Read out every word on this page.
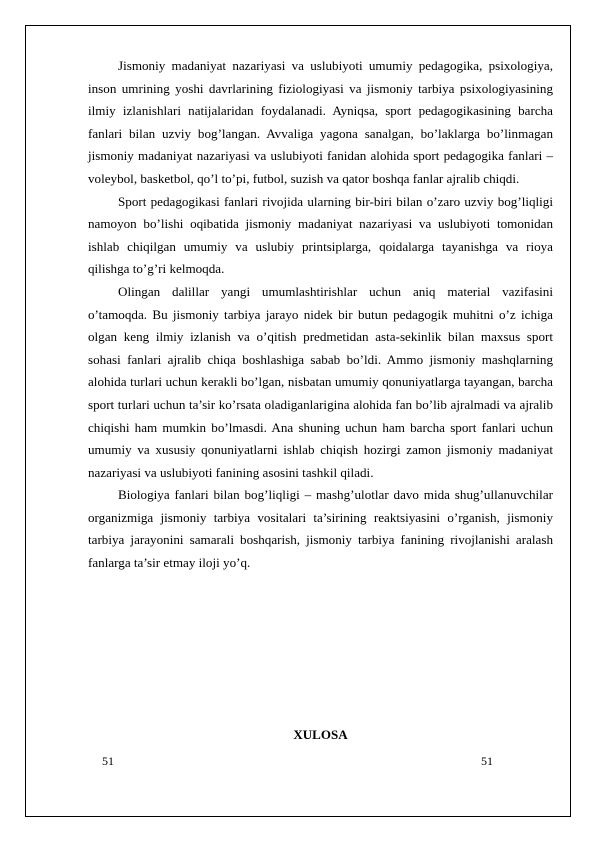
Jismoniy madaniyat nazariyasi va uslubiyoti umumiy pedagogika, psixologiya, inson umrining yoshi davrlarining fiziologiyasi va jismoniy tarbiya psixologiyasining ilmiy izlanishlari natijalaridan foydalanadi. Ayniqsa, sport pedagogikasining barcha fanlari bilan uzviy bog’langan. Avvaliga yagona sanalgan, bo’laklarga bo’linmagan jismoniy madaniyat nazariyasi va uslubiyoti fanidan alohida sport pedagogika fanlari – voleybol, basketbol, qo’l to’pi, futbol, suzish va qator boshqa fanlar ajralib chiqdi.

Sport pedagogikasi fanlari rivojida ularning bir-biri bilan o’zaro uzviy bog’liqligi namoyon bo’lishi oqibatida jismoniy madaniyat nazariyasi va uslubiyoti tomonidan ishlab chiqilgan umumiy va uslubiy printsiplarga, qoidalarga tayanishga va rioya qilishga to’g’ri kelmoqda.

Olingan dalillar yangi umumlashtirishlar uchun aniq material vazifasini o’tamoqda. Bu jismoniy tarbiya jarayo nidek bir butun pedagogik muhitni o’z ichiga olgan keng ilmiy izlanish va o’qitish predmetidan asta-sekinlik bilan maxsus sport sohasi fanlari ajralib chiqa boshlashiga sabab bo’ldi. Ammo jismoniy mashqlarning alohida turlari uchun kerakli bo’lgan, nisbatan umumiy qonuniyatlarga tayangan, barcha sport turlari uchun ta’sir ko’rsata oladiganlarigina alohida fan bo’lib ajralmadi va ajralib chiqishi ham mumkin bo’lmasdi. Ana shuning uchun ham barcha sport fanlari uchun umumiy va xususiy qonuniyatlarni ishlab chiqish hozirgi zamon jismoniy madaniyat nazariyasi va uslubiyoti fanining asosini tashkil qiladi.

Biologiya fanlari bilan bog’liqligi – mashg’ulotlar davo mida shug’ullanuvchilar organizmiga jismoniy tarbiya vositalari ta’sirining reaktsiyasini o’rganish, jismoniy tarbiya jarayonini samarali boshqarish, jismoniy tarbiya fanining rivojlanishi aralash fanlarga ta’sir etmay iloji yo’q.

XULOSA
51	51
